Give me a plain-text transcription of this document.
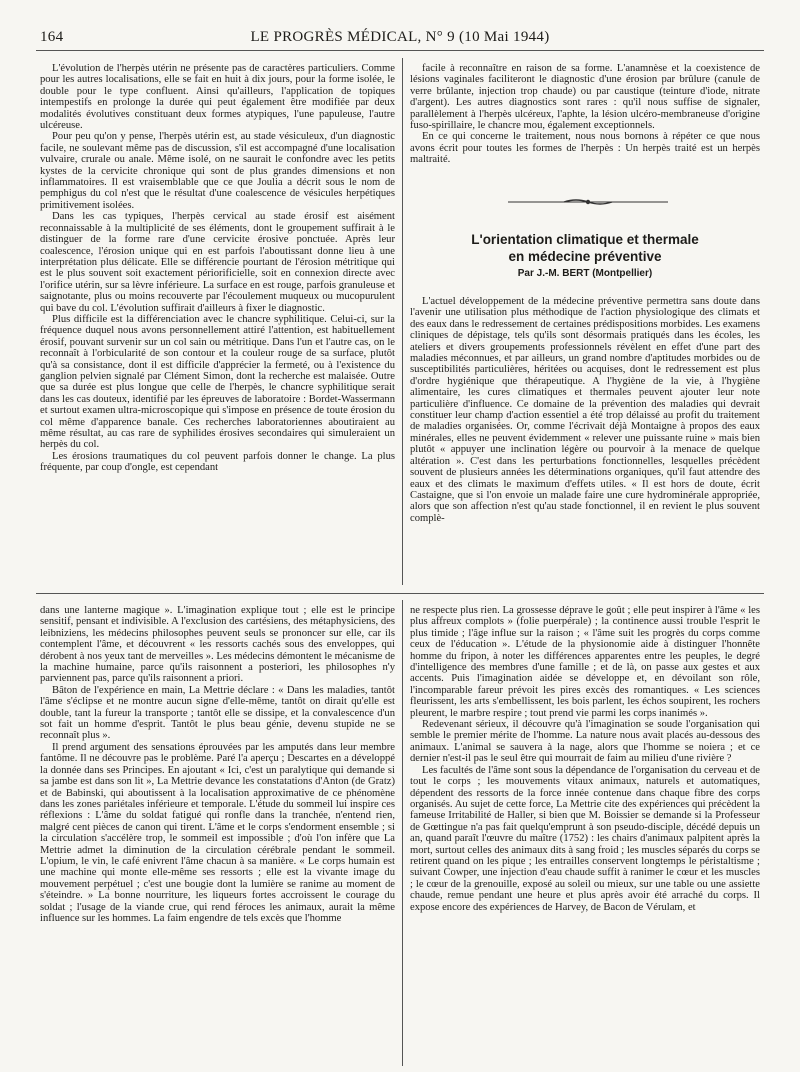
164	LE PROGRÈS MÉDICAL, N° 9 (10 Mai 1944)

L'évolution de l'herpès utérin ne présente pas de caractères particuliers. Comme pour les autres localisations, elle se fait en huit à dix jours, pour la forme isolée, le double pour le type confluent. Ainsi qu'ailleurs, l'application de topiques intempestifs en prolonge la durée qui peut également être modifiée par deux modalités évolutives constituant deux formes atypiques, l'une papuleuse, l'autre ulcéreuse.

Pour peu qu'on y pense, l'herpès utérin est, au stade vésiculeux, d'un diagnostic facile, ne soulevant même pas de discussion, s'il est accompagné d'une localisation vulvaire, crurale ou anale. Même isolé, on ne saurait le confondre avec les petits kystes de la cervicite chronique qui sont de plus grandes dimensions et non inflammatoires. Il est vraisemblable que ce que Joulia a décrit sous le nom de pemphigus du col n'est que le résultat d'une coalescence de vésicules herpétiques primitivement isolées.

Dans les cas typiques, l'herpès cervical au stade érosif est aisément reconnaissable à la multiplicité de ses éléments, dont le groupement suffirait à le distinguer de la forme rare d'une cervicite érosive ponctuée. Après leur coalescence, l'érosion unique qui en est parfois l'aboutissant donne lieu à une interprétation plus délicate. Elle se différencie pourtant de l'érosion métritique qui est le plus souvent soit exactement périorificielle, soit en connexion directe avec l'orifice utérin, sur sa lèvre inférieure. La surface en est rouge, parfois granuleuse et saignotante, plus ou moins recouverte par l'écoulement muqueux ou mucopurulent qui bave du col. L'évolution suffirait d'ailleurs à fixer le diagnostic.

Plus difficile est la différenciation avec le chancre syphilitique. Celui-ci, sur la fréquence duquel nous avons personnellement attiré l'attention, est habituellement érosif, pouvant survenir sur un col sain ou métritique. Dans l'un et l'autre cas, on le reconnaît à l'orbicularité de son contour et la couleur rouge de sa surface, plutôt qu'à sa consistance, dont il est difficile d'apprécier la fermeté, ou à l'existence du ganglion pelvien signalé par Clément Simon, dont la recherche est malaisée. Outre que sa durée est plus longue que celle de l'herpès, le chancre syphilitique serait dans les cas douteux, identifié par les épreuves de laboratoire : Bordet-Wassermann et surtout examen ultra-microscopique qui s'impose en présence de toute érosion du col même d'apparence banale. Ces recherches laboratoriennes aboutiraient au même résultat, au cas rare de syphilides érosives secondaires qui simuleraient un herpès du col.

Les érosions traumatiques du col peuvent parfois donner le change. La plus fréquente, par coup d'ongle, est cependant

facile à reconnaître en raison de sa forme. L'anamnèse et la coexistence de lésions vaginales faciliteront le diagnostic d'une érosion par brûlure (canule de verre brûlante, injection trop chaude) ou par caustique (teinture d'iode, nitrate d'argent). Les autres diagnostics sont rares : qu'il nous suffise de signaler, parallèlement à l'herpès ulcéreux, l'aphte, la lésion ulcéro-membraneuse d'origine fuso-spirillaire, le chancre mou, également exceptionnels.

En ce qui concerne le traitement, nous nous bornons à répéter ce que nous avons écrit pour toutes les formes de l'herpès : Un herpès traité est un herpès maltraité.

L'orientation climatique et thermale
en médecine préventive
Par J.-M. BERT (Montpellier)

L'actuel développement de la médecine préventive permettra sans doute dans l'avenir une utilisation plus méthodique de l'action physiologique des climats et des eaux dans le redressement de certaines prédispositions morbides. Les examens cliniques de dépistage, tels qu'ils sont désormais pratiqués dans les écoles, les ateliers et divers groupements professionnels révèlent en effet d'une part des maladies méconnues, et par ailleurs, un grand nombre d'aptitudes morbides ou de susceptibilités particulières, héritées ou acquises, dont le redressement est plus d'ordre hygiénique que thérapeutique. A l'hygiène de la vie, à l'hygiène alimentaire, les cures climatiques et thermales peuvent ajouter leur note particulière d'influence. Ce domaine de la prévention des maladies qui devrait constituer leur champ d'action essentiel a été trop délaissé au profit du traitement de maladies organisées. Or, comme l'écrivait déjà Montaigne à propos des eaux minérales, elles ne peuvent évidemment « relever une puissante ruine » mais bien plutôt « appuyer une inclination légère ou pourvoir à la menace de quelque altération ». C'est dans les perturbations fonctionnelles, lesquelles précèdent souvent de plusieurs années les déterminations organiques, qu'il faut attendre des eaux et des climats le maximum d'effets utiles. « Il est hors de doute, écrit Castaigne, que si l'on envoie un malade faire une cure hydrominérale appropriée, alors que son affection n'est qu'au stade fonctionnel, il en revient le plus souvent complè-

dans une lanterne magique ». L'imagination explique tout ; elle est le principe sensitif, pensant et indivisible. A l'exclusion des cartésiens, des métaphysiciens, des leibniziens, les médecins philosophes peuvent seuls se prononcer sur elle, car ils contemplent l'âme, et découvrent « les ressorts cachés sous des enveloppes, qui dérobent à nos yeux tant de merveilles ». Les médecins démontent le mécanisme de la machine humaine, parce qu'ils raisonnent a posteriori, les philosophes n'y parviennent pas, parce qu'ils raisonnent a priori.

Bâton de l'expérience en main, La Mettrie déclare : « Dans les maladies, tantôt l'âme s'éclipse et ne montre aucun signe d'elle-même, tantôt on dirait qu'elle est double, tant la fureur la transporte ; tantôt elle se dissipe, et la convalescence d'un sot fait un homme d'esprit. Tantôt le plus beau génie, devenu stupide ne se reconnaît plus ».

Il prend argument des sensations éprouvées par les amputés dans leur membre fantôme. Il ne découvre pas le problème. Paré l'a aperçu ; Descartes en a développé la donnée dans ses Principes. En ajoutant « Ici, c'est un paralytique qui demande si sa jambe est dans son lit », La Mettrie devance les constatations d'Anton (de Gratz) et de Babinski, qui aboutissent à la localisation approximative de ce phénomène dans les zones pariétales inférieure et temporale. L'étude du sommeil lui inspire ces réflexions : L'âme du soldat fatigué qui ronfle dans la tranchée, n'entend rien, malgré cent pièces de canon qui tirent. L'âme et le corps s'endorment ensemble ; si la circulation s'accélère trop, le sommeil est impossible ; d'où l'on infère que La Mettrie admet la diminution de la circulation cérébrale pendant le sommeil. L'opium, le vin, le café enivrent l'âme chacun à sa manière. « Le corps humain est une machine qui monte elle-même ses ressorts ; elle est la vivante image du mouvement perpétuel ; c'est une bougie dont la lumière se ranime au moment de s'éteindre. » La bonne nourriture, les liqueurs fortes accroissent le courage du soldat ; l'usage de la viande crue, qui rend féroces les animaux, aurait la même influence sur les hommes. La faim engendre de tels excès que l'homme

ne respecte plus rien. La grossesse déprave le goût ; elle peut inspirer à l'âme « les plus affreux complots » (folie puerpérale) ; la continence aussi trouble l'esprit le plus timide ; l'âge influe sur la raison ; « l'âme suit les progrès du corps comme ceux de l'éducation ». L'étude de la physionomie aide à distinguer l'honnête homme du fripon, à noter les différences apparentes entre les peuples, le degré d'intelligence des membres d'une famille ; et de là, on passe aux gestes et aux accents. Puis l'imagination aidée se développe et, en dévoilant son rôle, l'incomparable fareur prévoit les pires excès des romantiques. « Les sciences fleurissent, les arts s'embellissent, les bois parlent, les échos soupirent, les rochers pleurent, le marbre respire ; tout prend vie parmi les corps inanimés ».

Redevenant sérieux, il découvre qu'à l'imagination se soude l'organisation qui semble le premier mérite de l'homme. La nature nous avait placés au-dessous des animaux. L'animal se sauvera à la nage, alors que l'homme se noiera ; et ce dernier n'est-il pas le seul être qui mourrait de faim au milieu d'une rivière ?

Les facultés de l'âme sont sous la dépendance de l'organisation du cerveau et de tout le corps ; les mouvements vitaux animaux, naturels et automatiques, dépendent des ressorts de la force innée contenue dans chaque fibre des corps organisés. Au sujet de cette force, La Mettrie cite des expériences qui précèdent la fameuse Irritabilité de Haller, si bien que M. Boissier se demande si la Professeur de Gœttingue n'a pas fait quelqu'emprunt à son pseudo-disciple, décédé depuis un an, quand paraît l'œuvre du maître (1752) : les chairs d'animaux palpitent après la mort, surtout celles des animaux dits à sang froid ; les muscles séparés du corps se retirent quand on les pique ; les entrailles conservent longtemps le péristaltisme ; suivant Cowper, une injection d'eau chaude suffit à ranimer le cœur et les muscles ; le cœur de la grenouille, exposé au soleil ou mieux, sur une table ou une assiette chaude, remue pendant une heure et plus après avoir été arraché du corps. Il expose encore des expériences de Harvey, de Bacon de Vérulam, et
